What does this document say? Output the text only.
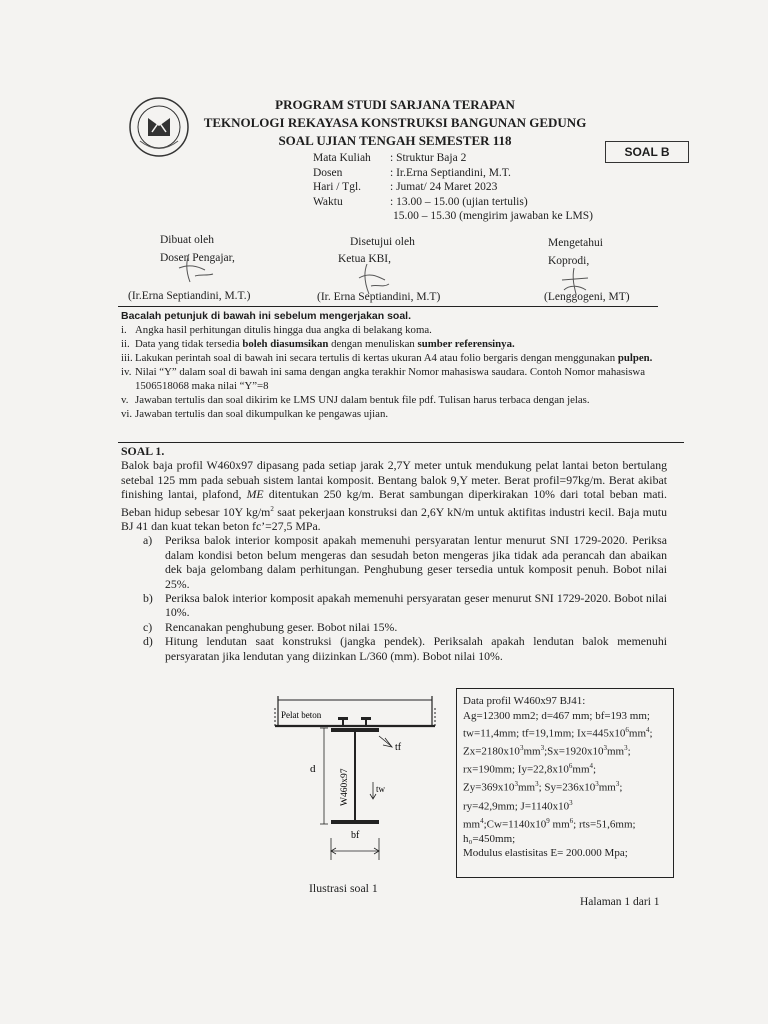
PROGRAM STUDI SARJANA TERAPAN
TEKNOLOGI REKAYASA KONSTRUKSI BANGUNAN GEDUNG
SOAL UJIAN TENGAH SEMESTER 118
SOAL B
Mata Kuliah	: Struktur Baja 2
Dosen	: Ir.Erna Septiandini, M.T.
Hari / Tgl.	: Jumat/ 24 Maret 2023
Waktu	: 13.00 – 15.00 (ujian tertulis)
15.00 – 15.30 (mengirim jawaban ke LMS)
Dibuat oleh
Dosen Pengajar,
(Ir.Erna Septiandini, M.T.)
Disetujui oleh
Ketua KBI,
(Ir. Erna Septiandini, M.T)
Mengetahui
Koprodi,
(Lenggogeni, MT)
Bacalah petunjuk di bawah ini sebelum mengerjakan soal.
i. Angka hasil perhitungan ditulis hingga dua angka di belakang koma.
ii. Data yang tidak tersedia boleh diasumsikan dengan menuliskan sumber referensinya.
iii. Lakukan perintah soal di bawah ini secara tertulis di kertas ukuran A4 atau folio bergaris dengan menggunakan pulpen.
iv. Nilai “Y” dalam soal di bawah ini sama dengan angka terakhir Nomor mahasiswa saudara. Contoh Nomor mahasiswa 1506518068 maka nilai “Y”=8
v. Jawaban tertulis dan soal dikirim ke LMS UNJ dalam bentuk file pdf. Tulisan harus terbaca dengan jelas.
vi. Jawaban tertulis dan soal dikumpulkan ke pengawas ujian.
SOAL 1.

Balok baja profil W460x97 dipasang pada setiap jarak 2,7Y meter untuk mendukung pelat lantai beton bertulang setebal 125 mm pada sebuah sistem lantai komposit. Bentang balok 9,Y meter. Berat profil=97kg/m. Berat akibat finishing lantai, plafond, ME ditentukan 250 kg/m. Berat sambungan diperkirakan 10% dari total beban mati. Beban hidup sebesar 10Y $kg/m^2$ saat pekerjaan konstruksi dan 2,6Y kN/m untuk aktifitas industri kecil. Baja mutu BJ 41 dan kuat tekan beton fc’=27,5 MPa.

a)	Periksa balok interior komposit apakah memenuhi persyaratan lentur menurut SNI 1729-2020. Periksa dalam kondisi beton belum mengeras dan sesudah beton mengeras jika tidak ada perancah dan abaikan dek baja gelombang dalam perhitungan. Penghubung geser tersedia untuk komposit penuh. Bobot nilai 25%.
b)	Periksa balok interior komposit apakah memenuhi persyaratan geser menurut SNI 1729-2020. Bobot nilai 10%.
c)	Rencanakan penghubung geser. Bobot nilai 15%.
d)	Hitung lendutan saat konstruksi (jangka pendek). Periksalah apakah lendutan balok memenuhi persyaratan jika lendutan yang diizinkan L/360 (mm). Bobot nilai 10%.
Pelat beton
d	W460x97
tf
tw
bf
Data profil W460x97 BJ41:
Ag=12300 mm2; d=467 mm; bf=193 mm;
tw=11,4mm; tf=19,1mm; $Ix=445x10^6mm^4$;
$Zx=2180x10^3mm^3;Sx=1920x10^3mm^3$;
rx=190mm; $Iy=22,8x10^6mm^4$;
$Zy=369x10^3mm^3$; $Sy=236x10^3mm^3$;
ry=42,9mm; $J=1140x10^3$
$mm^4;Cw=1140x10^9$ $mm^6$; rts=51,6mm;
h₀=450mm;
Modulus elastisitas E= 200.000 Mpa;
Ilustrasi soal 1
Halaman 1 dari 1
